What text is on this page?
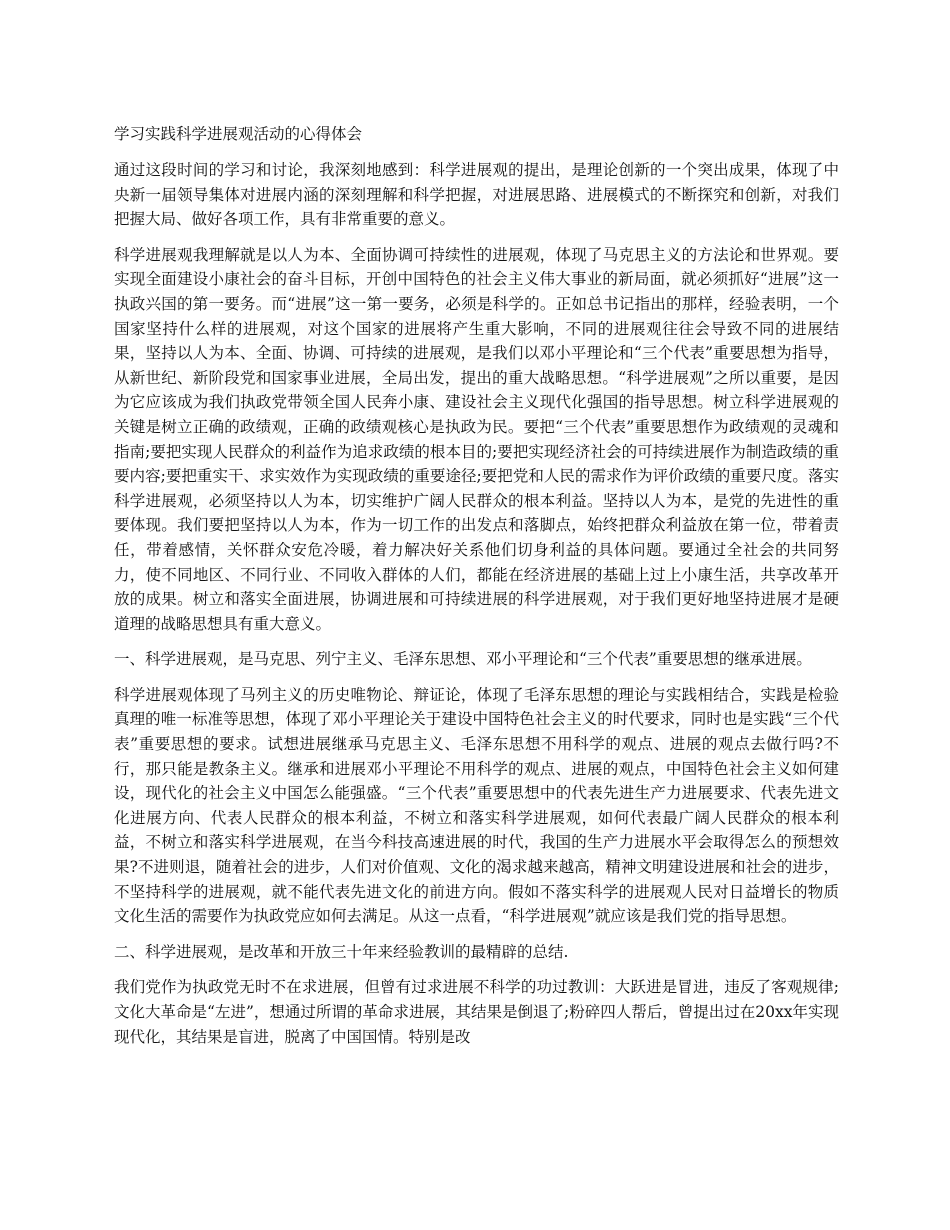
学习实践科学进展观活动的心得体会

通过这段时间的学习和讨论，我深刻地感到：科学进展观的提出，是理论创新的一个突出成果，体现了中央新一届领导集体对进展内涵的深刻理解和科学把握，对进展思路、进展模式的不断探究和创新，对我们把握大局、做好各项工作，具有非常重要的意义。

科学进展观我理解就是以人为本、全面协调可持续性的进展观，体现了马克思主义的方法论和世界观。要实现全面建设小康社会的奋斗目标，开创中国特色的社会主义伟大事业的新局面，就必须抓好“进展”这一执政兴国的第一要务。而“进展”这一第一要务，必须是科学的。正如总书记指出的那样，经验表明，一个国家坚持什么样的进展观，对这个国家的进展将产生重大影响，不同的进展观往往会导致不同的进展结果，坚持以人为本、全面、协调、可持续的进展观，是我们以邓小平理论和“三个代表”重要思想为指导，从新世纪、新阶段党和国家事业进展，全局出发，提出的重大战略思想。“科学进展观”之所以重要，是因为它应该成为我们执政党带领全国人民奔小康、建设社会主义现代化强国的指导思想。树立科学进展观的关键是树立正确的政绩观，正确的政绩观核心是执政为民。要把“三个代表”重要思想作为政绩观的灵魂和指南;要把实现人民群众的利益作为追求政绩的根本目的;要把实现经济社会的可持续进展作为制造政绩的重要内容;要把重实干、求实效作为实现政绩的重要途径;要把党和人民的需求作为评价政绩的重要尺度。落实科学进展观，必须坚持以人为本，切实维护广阔人民群众的根本利益。坚持以人为本，是党的先进性的重要体现。我们要把坚持以人为本，作为一切工作的出发点和落脚点，始终把群众利益放在第一位，带着责任，带着感情，关怀群众安危冷暖，着力解决好关系他们切身利益的具体问题。要通过全社会的共同努力，使不同地区、不同行业、不同收入群体的人们，都能在经济进展的基础上过上小康生活，共享改革开放的成果。树立和落实全面进展，协调进展和可持续进展的科学进展观，对于我们更好地坚持进展才是硬道理的战略思想具有重大意义。

一、科学进展观，是马克思、列宁主义、毛泽东思想、邓小平理论和“三个代表”重要思想的继承进展。

科学进展观体现了马列主义的历史唯物论、辩证论，体现了毛泽东思想的理论与实践相结合，实践是检验真理的唯一标准等思想，体现了邓小平理论关于建设中国特色社会主义的时代要求，同时也是实践“三个代表”重要思想的要求。试想进展继承马克思主义、毛泽东思想不用科学的观点、进展的观点去做行吗?不行，那只能是教条主义。继承和进展邓小平理论不用科学的观点、进展的观点，中国特色社会主义如何建设，现代化的社会主义中国怎么能强盛。“三个代表”重要思想中的代表先进生产力进展要求、代表先进文化进展方向、代表人民群众的根本利益，不树立和落实科学进展观，如何代表最广阔人民群众的根本利益，不树立和落实科学进展观，在当今科技高速进展的时代，我国的生产力进展水平会取得怎么的预想效果?不进则退，随着社会的进步，人们对价值观、文化的渴求越来越高，精神文明建设进展和社会的进步，不坚持科学的进展观，就不能代表先进文化的前进方向。假如不落实科学的进展观人民对日益增长的物质文化生活的需要作为执政党应如何去满足。从这一点看，“科学进展观”就应该是我们党的指导思想。

二、科学进展观，是改革和开放三十年来经验教训的最精辟的总结.

我们党作为执政党无时不在求进展，但曾有过求进展不科学的功过教训：大跃进是冒进，违反了客观规律;文化大革命是“左进”，想通过所谓的革命求进展，其结果是倒退了;粉碎四人帮后，曾提出过在20xx年实现现代化，其结果是盲进，脱离了中国国情。特别是改
